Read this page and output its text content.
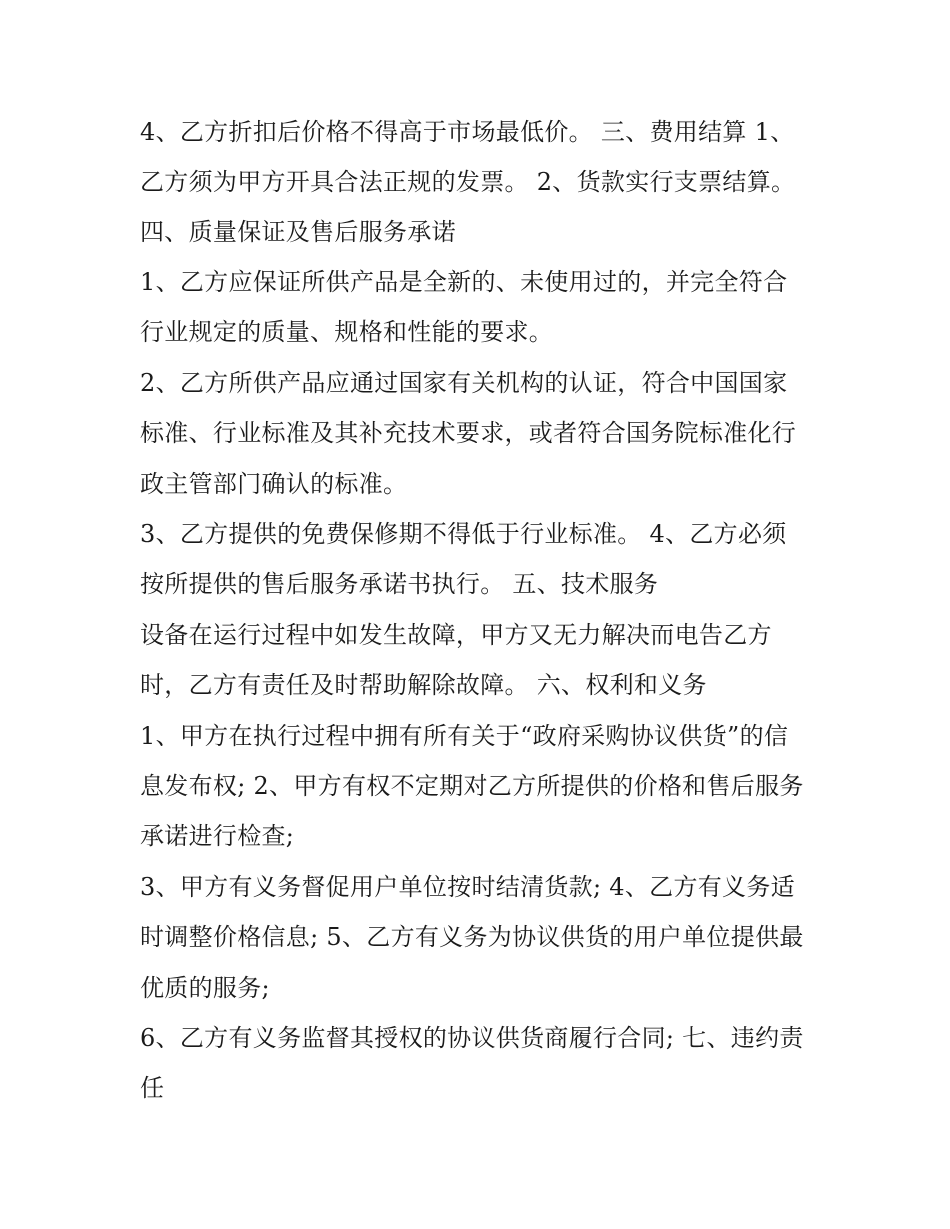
4、乙方折扣后价格不得高于市场最低价。 三、费用结算 1、

乙方须为甲方开具合法正规的发票。 2、货款实行支票结算。

四、质量保证及售后服务承诺

1、乙方应保证所供产品是全新的、未使用过的，并完全符合

行业规定的质量、规格和性能的要求。

2、乙方所供产品应通过国家有关机构的认证，符合中国国家

标准、行业标准及其补充技术要求，或者符合国务院标准化行

政主管部门确认的标准。

3、乙方提供的免费保修期不得低于行业标准。 4、乙方必须

按所提供的售后服务承诺书执行。 五、技术服务

设备在运行过程中如发生故障，甲方又无力解决而电告乙方

时，乙方有责任及时帮助解除故障。 六、权利和义务

1、甲方在执行过程中拥有所有关于“政府采购协议供货”的信

息发布权; 2、甲方有权不定期对乙方所提供的价格和售后服务

承诺进行检查;

3、甲方有义务督促用户单位按时结清货款; 4、乙方有义务适

时调整价格信息; 5、乙方有义务为协议供货的用户单位提供最

优质的服务;

6、乙方有义务监督其授权的协议供货商履行合同; 七、违约责

任
